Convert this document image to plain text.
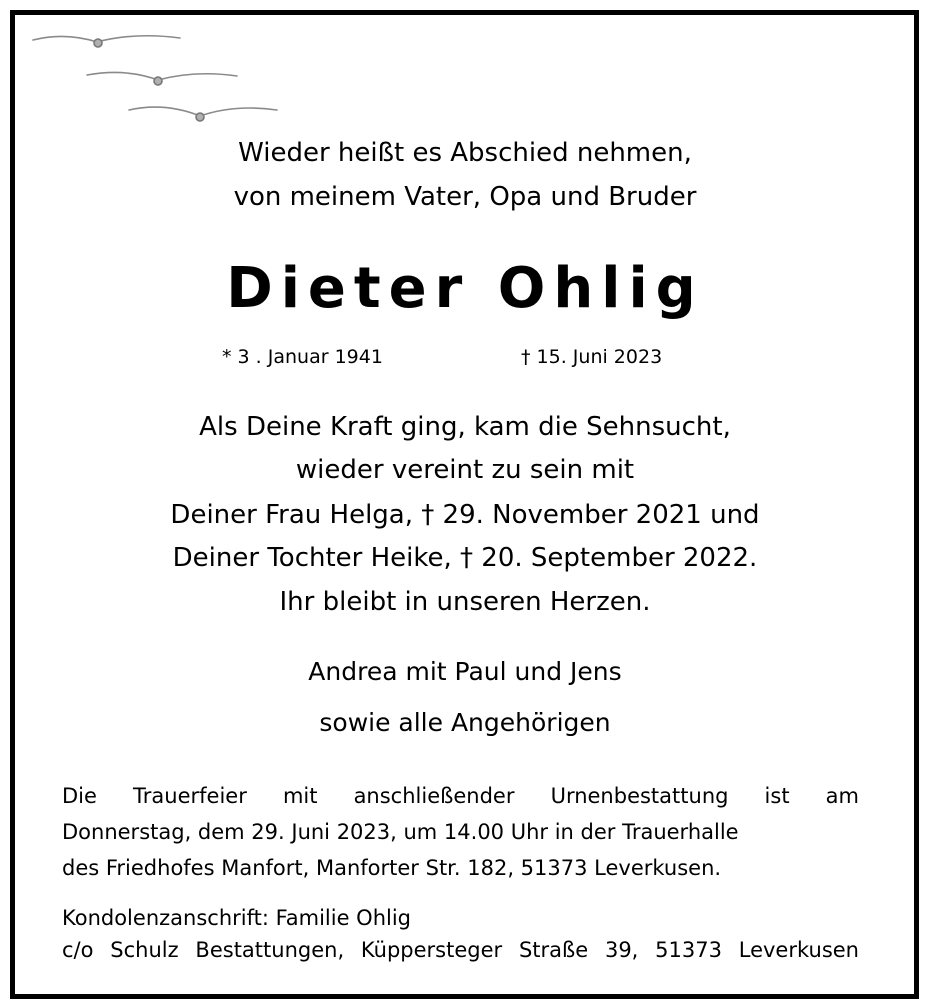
Wieder heißt es Abschied nehmen,
von meinem Vater, Opa und Bruder
Dieter Ohlig
* 3 . Januar 1941	† 15. Juni 2023
Als Deine Kraft ging, kam die Sehnsucht,
wieder vereint zu sein mit
Deiner Frau Helga, † 29. November 2021 und
Deiner Tochter Heike, † 20. September 2022.
Ihr bleibt in unseren Herzen.
Andrea mit Paul und Jens
sowie alle Angehörigen
Die Trauerfeier mit anschließender Urnenbestattung ist am
Donnerstag, dem 29. Juni 2023, um 14.00 Uhr in der Trauerhalle
des Friedhofes Manfort, Manforter Str. 182, 51373 Leverkusen.
Kondolenzanschrift: Familie Ohlig
c/o Schulz Bestattungen, Küppersteger Straße 39, 51373 Leverkusen
